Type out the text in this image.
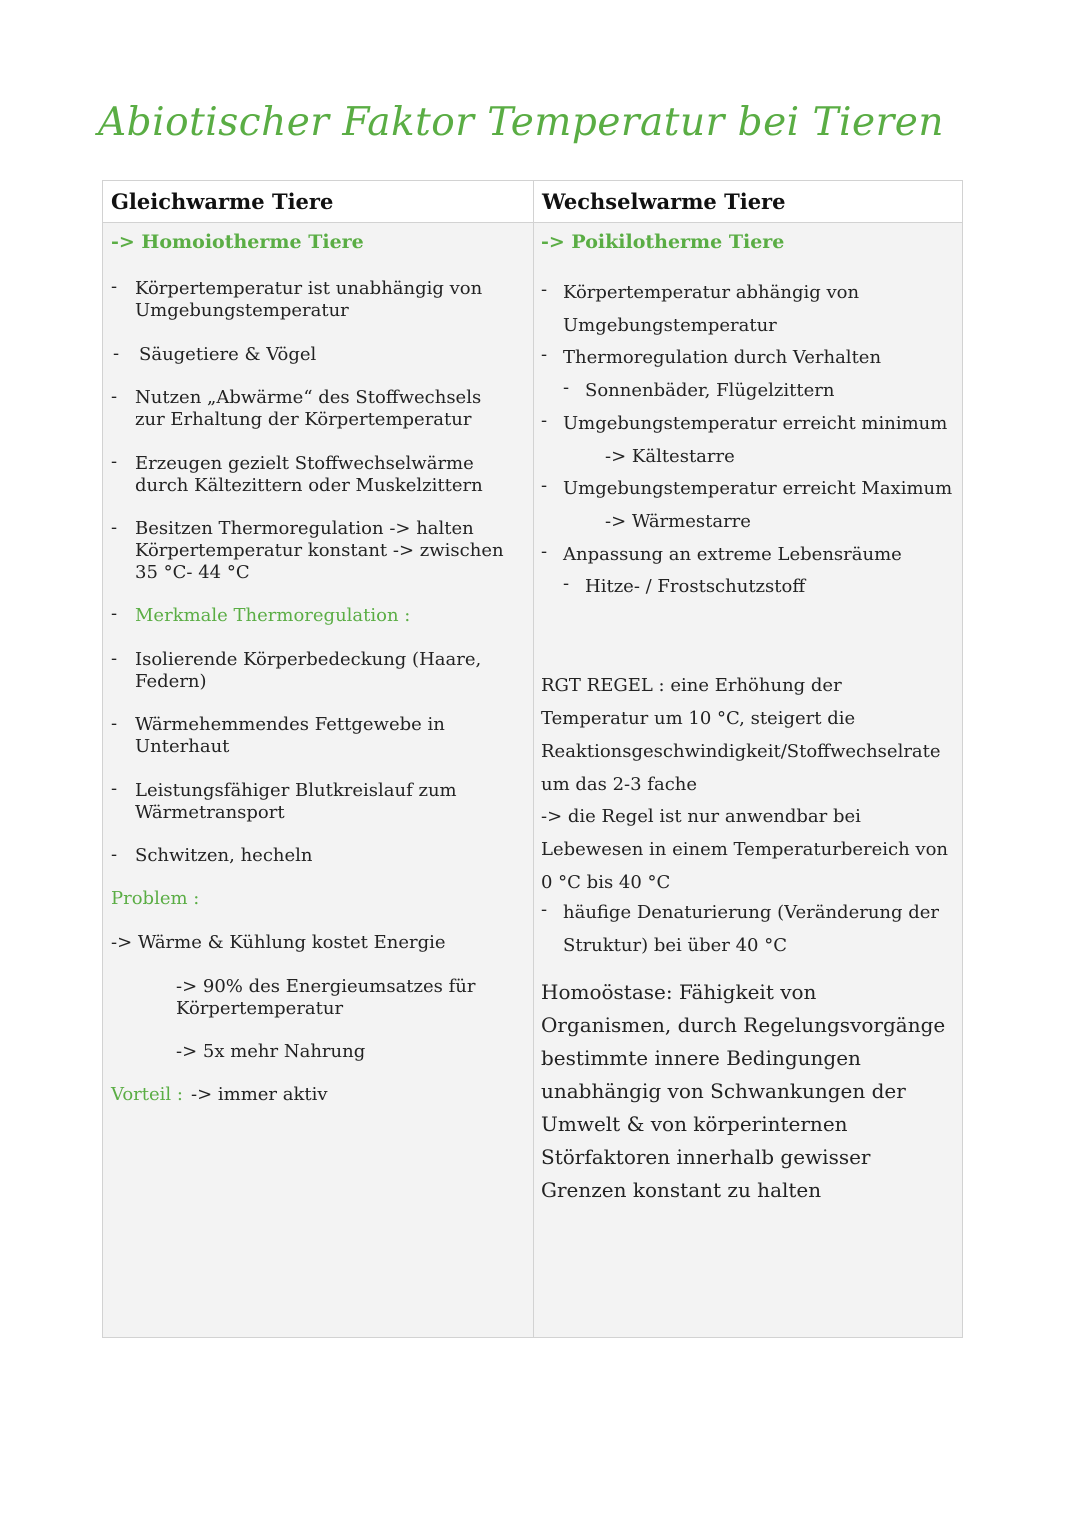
Abiotischer Faktor Temperatur bei Tieren
Gleichwarme Tiere
-> Homoiotherme Tiere
- Körpertemperatur ist unabhängig von Umgebungstemperatur

- Säugetiere & Vögel

- Nutzen „Abwärme“ des Stoffwechsels zur Erhaltung der Körpertemperatur

- Erzeugen gezielt Stoffwechselwärme durch Kältezittern oder Muskelzittern

- Besitzen Thermoregulation -> halten Körpertemperatur konstant -> zwischen 35 °C- 44 °C

- Merkmale Thermoregulation :

- Isolierende Körperbedeckung (Haare, Federn)

- Wärmehemmendes Fettgewebe in Unterhaut

- Leistungsfähiger Blutkreislauf zum Wärmetransport

- Schwitzen, hecheln

Problem :

-> Wärme & Kühlung kostet Energie

-> 90% des Energieumsatzes für Körpertemperatur

-> 5x mehr Nahrung

Vorteil : -> immer aktiv

Wechselwarme Tiere
-> Poikilotherme Tiere
- Körpertemperatur abhängig von Umgebungstemperatur

- Thermoregulation durch Verhalten

- Sonnenbäder, Flügelzittern

- Umgebungstemperatur erreicht minimum

-> Kältestarre

- Umgebungstemperatur erreicht Maximum

-> Wärmestarre

- Anpassung an extreme Lebensräume

- Hitze- / Frostschutzstoff

RGT REGEL : eine Erhöhung der Temperatur um 10 °C, steigert die Reaktionsgeschwindigkeit/Stoffwechselrate um das 2-3 fache

-> die Regel ist nur anwendbar bei Lebewesen in einem Temperaturbereich von 0 °C bis 40 °C

- häufige Denaturierung (Veränderung der Struktur) bei über 40 °C

Homoöstase: Fähigkeit von Organismen, durch Regelungsvorgänge bestimmte innere Bedingungen unabhängig von Schwankungen der Umwelt & von körperinternen Störfaktoren innerhalb gewisser Grenzen konstant zu halten
